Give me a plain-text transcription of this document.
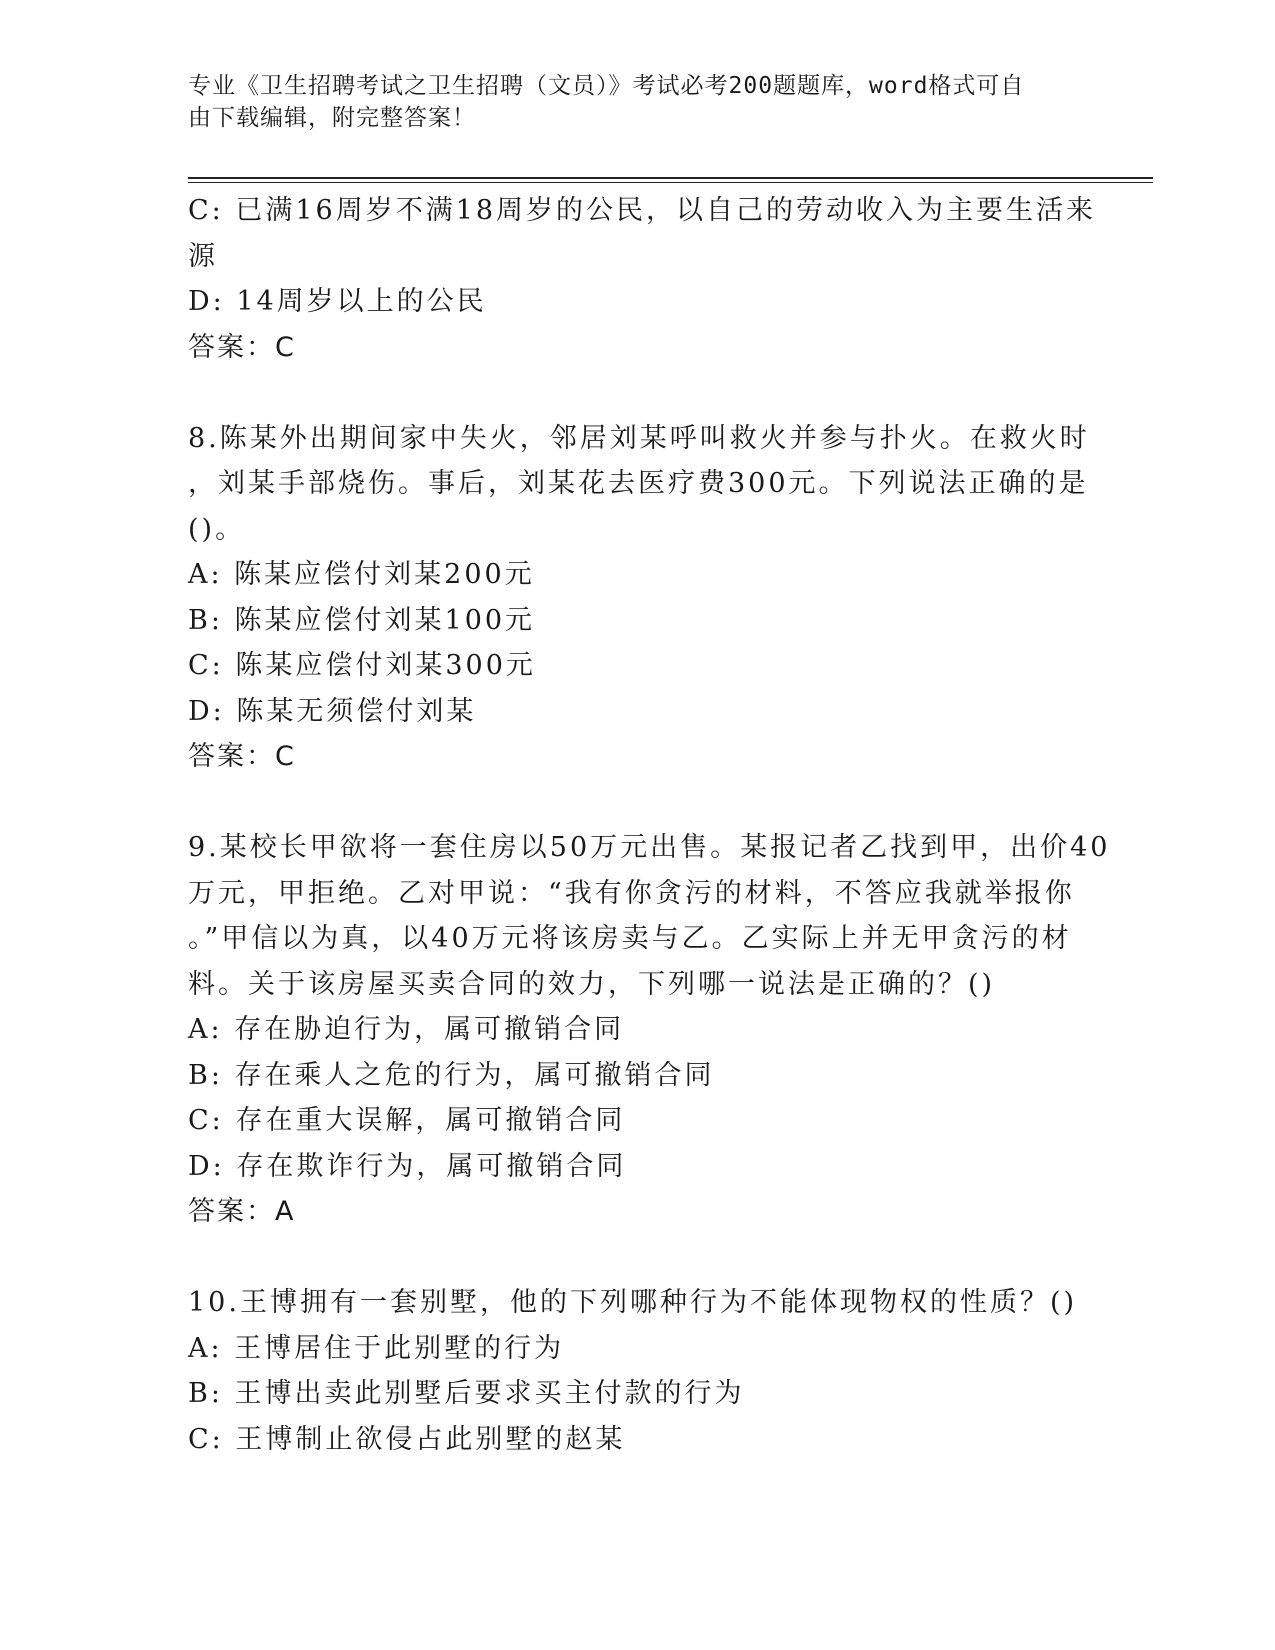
专业《卫生招聘考试之卫生招聘（文员）》考试必考200题题库，word格式可自
由下载编辑，附完整答案！
C: 已满16周岁不满18周岁的公民，以自己的劳动收入为主要生活来
源
D: 14周岁以上的公民
答案：C
8.陈某外出期间家中失火，邻居刘某呼叫救火并参与扑火。在救火时
，刘某手部烧伤。事后，刘某花去医疗费300元。下列说法正确的是
()。
A: 陈某应偿付刘某200元
B: 陈某应偿付刘某100元
C: 陈某应偿付刘某300元
D: 陈某无须偿付刘某
答案：C
9.某校长甲欲将一套住房以50万元出售。某报记者乙找到甲，出价40
万元，甲拒绝。乙对甲说：“我有你贪污的材料，不答应我就举报你
。”甲信以为真，以40万元将该房卖与乙。乙实际上并无甲贪污的材
料。关于该房屋买卖合同的效力，下列哪一说法是正确的？()
A: 存在胁迫行为，属可撤销合同
B: 存在乘人之危的行为，属可撤销合同
C: 存在重大误解，属可撤销合同
D: 存在欺诈行为，属可撤销合同
答案：A
10.王博拥有一套别墅，他的下列哪种行为不能体现物权的性质？()
A: 王博居住于此别墅的行为
B: 王博出卖此别墅后要求买主付款的行为
C: 王博制止欲侵占此别墅的赵某
